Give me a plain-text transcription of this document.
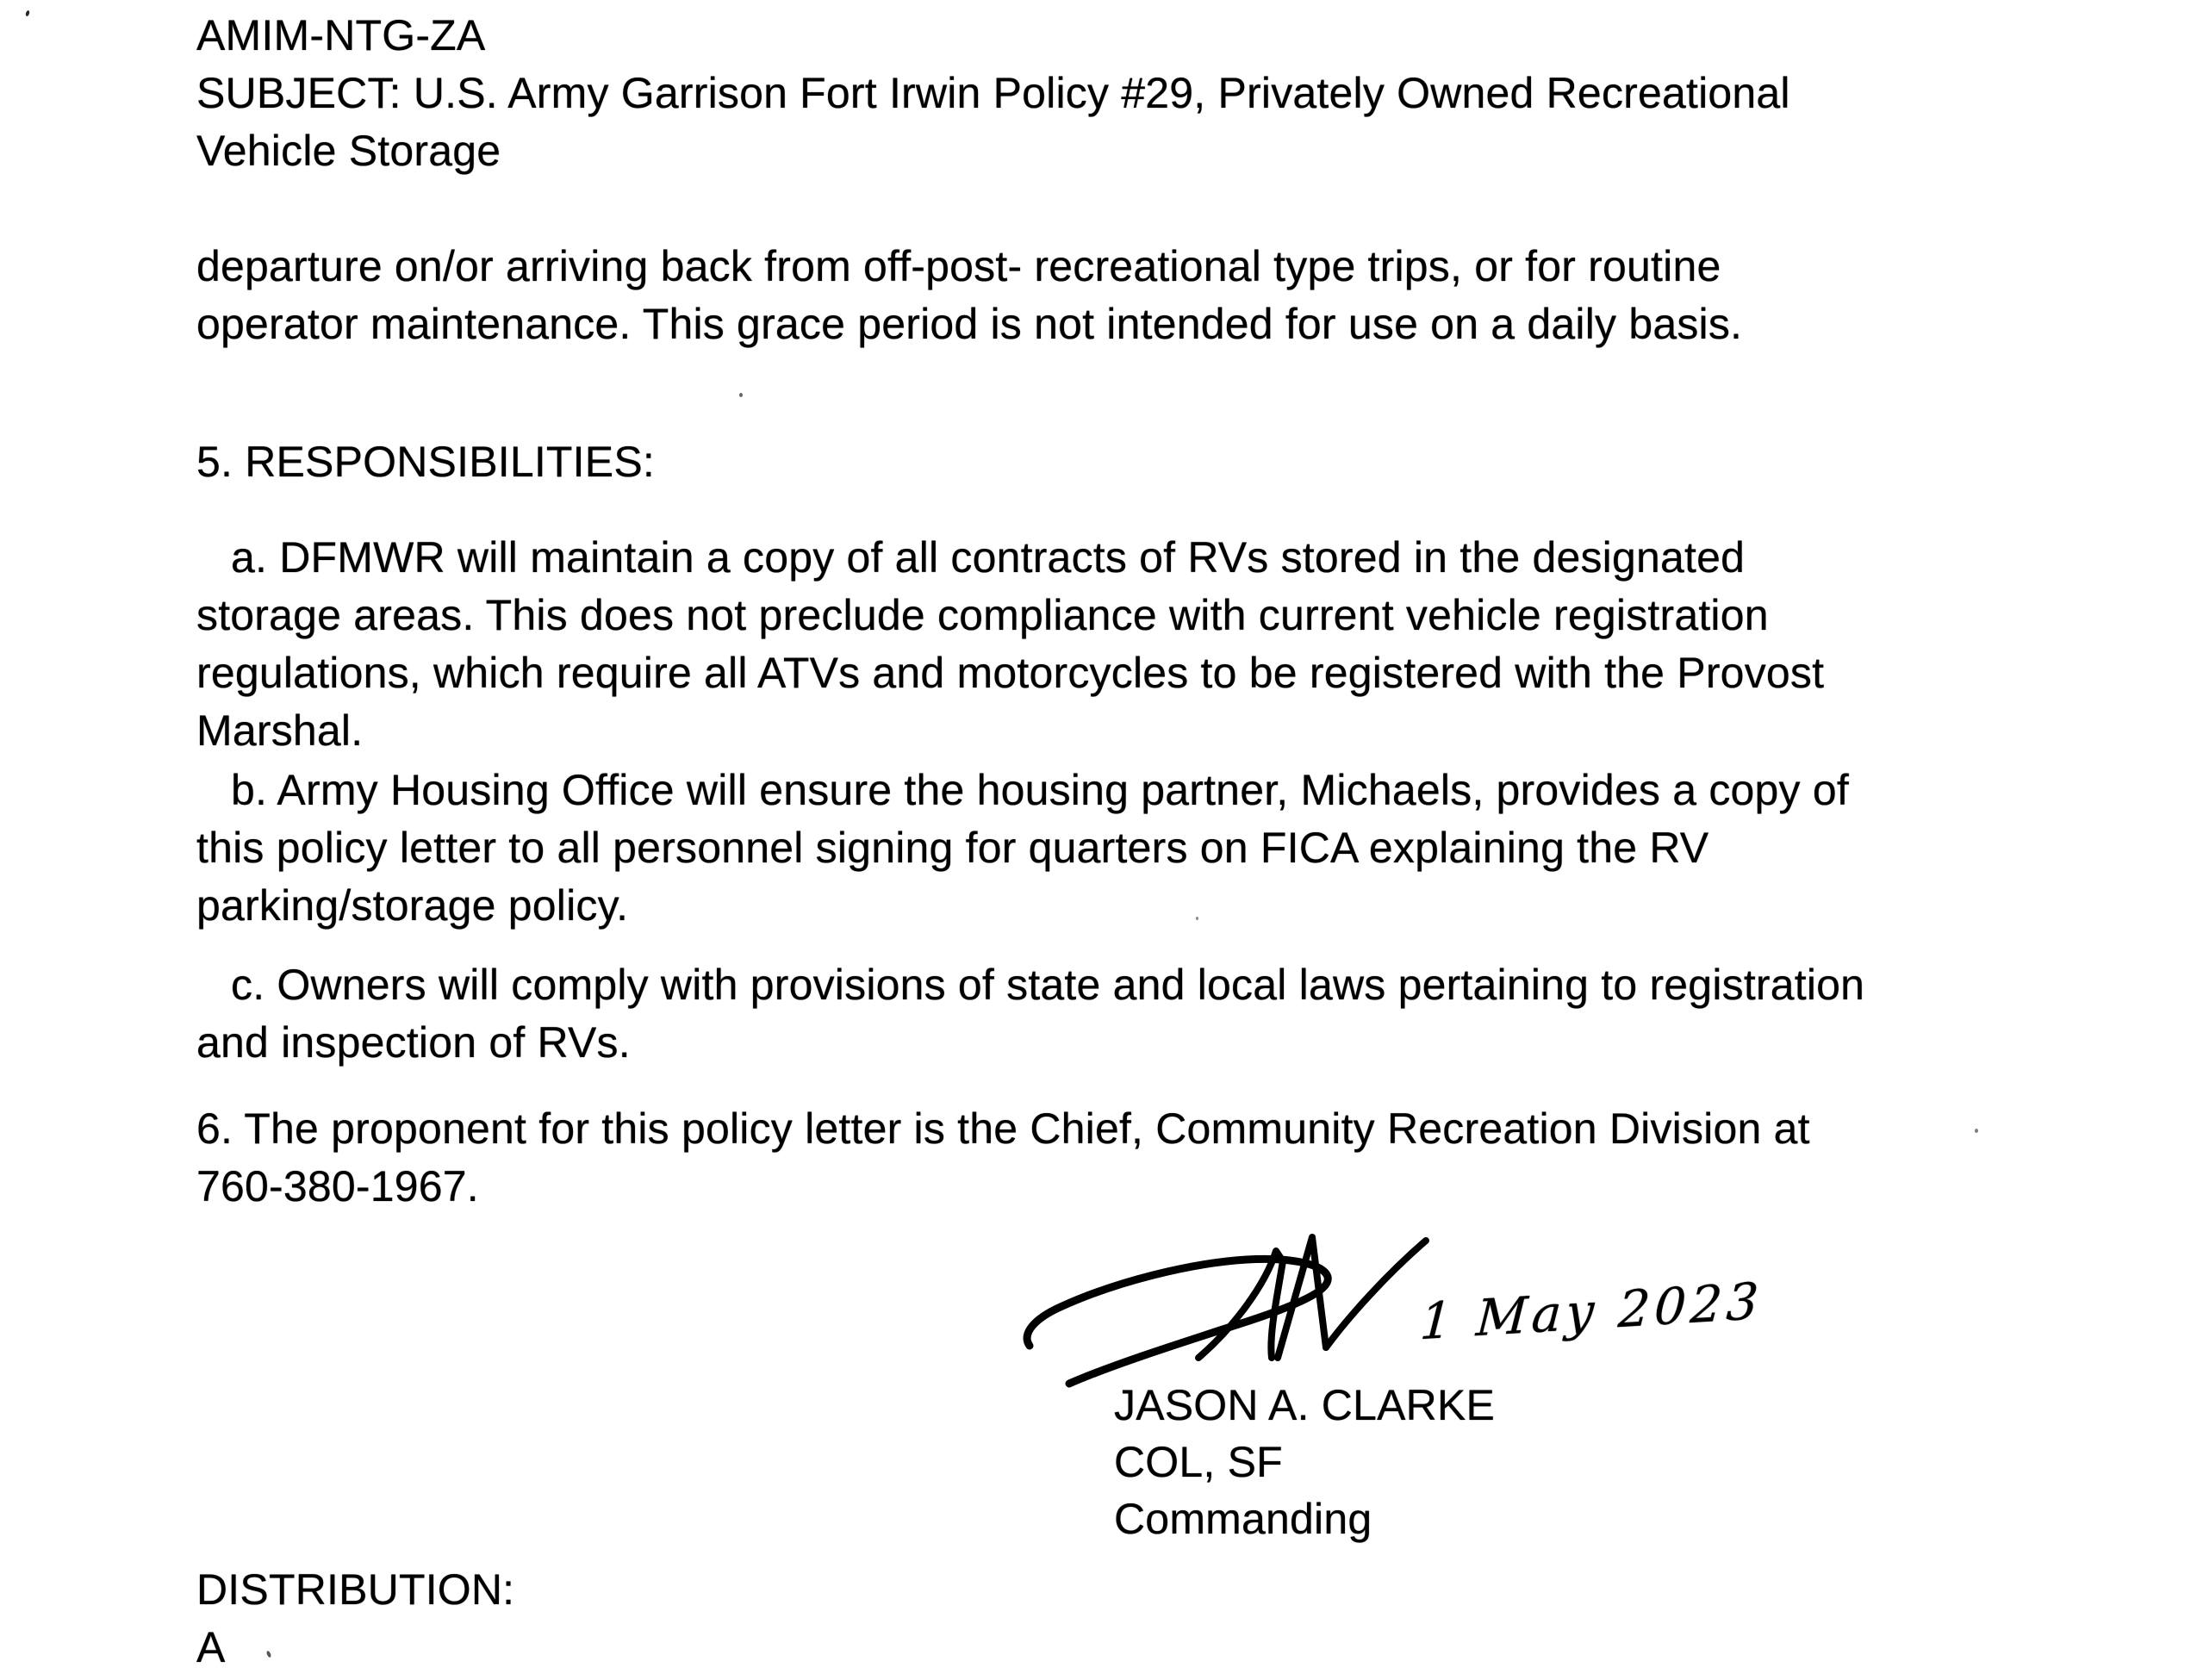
AMIM-NTG-ZA
SUBJECT: U.S. Army Garrison Fort Irwin Policy #29, Privately Owned Recreational
Vehicle Storage
departure on/or arriving back from off-post- recreational type trips, or for routine
operator maintenance. This grace period is not intended for use on a daily basis.
5. RESPONSIBILITIES:
a. DFMWR will maintain a copy of all contracts of RVs stored in the designated
storage areas. This does not preclude compliance with current vehicle registration
regulations, which require all ATVs and motorcycles to be registered with the Provost
Marshal.
b. Army Housing Office will ensure the housing partner, Michaels, provides a copy of
this policy letter to all personnel signing for quarters on FICA explaining the RV
parking/storage policy.
c. Owners will comply with provisions of state and local laws pertaining to registration
and inspection of RVs.
6. The proponent for this policy letter is the Chief, Community Recreation Division at
760-380-1967.
1 May 2023
JASON A. CLARKE
COL, SF
Commanding
DISTRIBUTION:
A
